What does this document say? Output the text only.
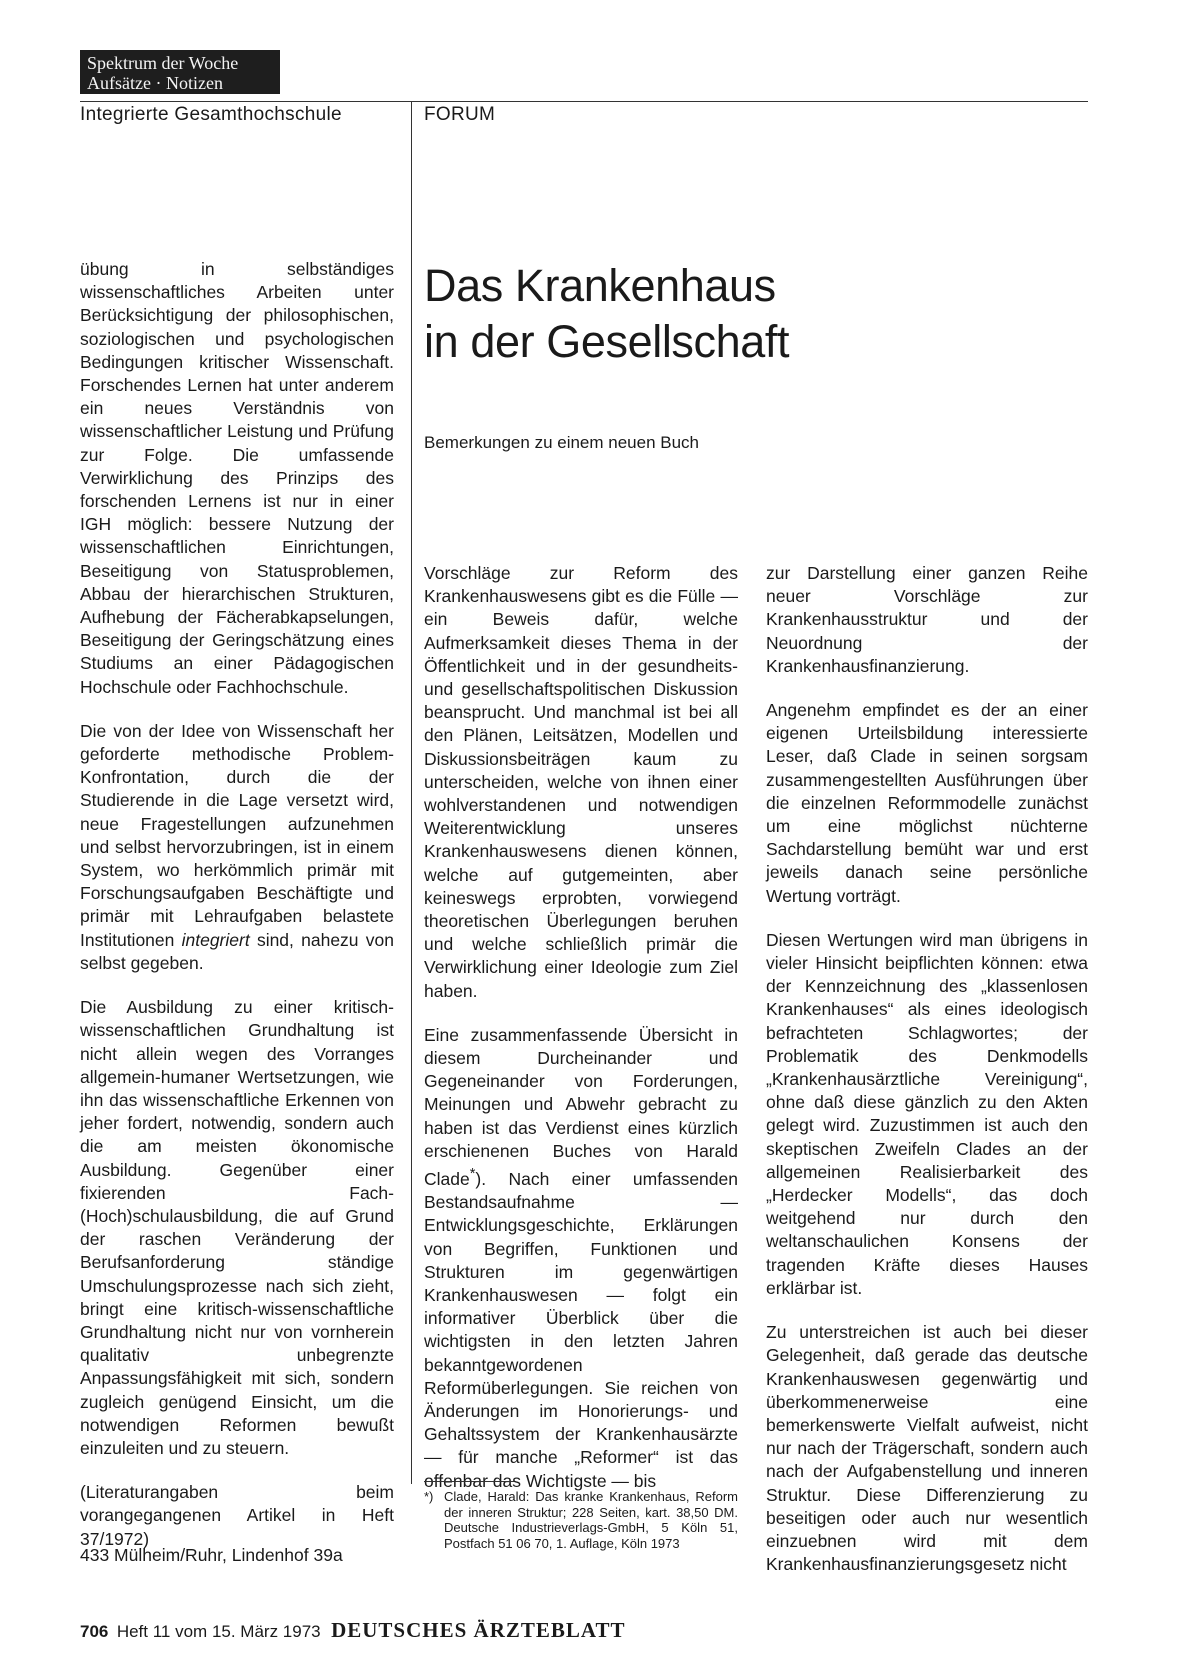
Spektrum der Woche
Aufsätze · Notizen
Integrierte Gesamthochschule	FORUM
Das Krankenhaus
in der Gesellschaft
Bemerkungen zu einem neuen Buch

übung in selbständiges wissenschaftliches Arbeiten unter Berücksichtigung der philosophischen, soziologischen und psychologischen Bedingungen kritischer Wissenschaft. Forschendes Lernen hat unter anderem ein neues Verständnis von wissenschaftlicher Leistung und Prüfung zur Folge. Die umfassende Verwirklichung des Prinzips des forschenden Lernens ist nur in einer IGH möglich: bessere Nutzung der wissenschaftlichen Einrichtungen, Beseitigung von Statusproblemen, Abbau der hierarchischen Strukturen, Aufhebung der Fächerabkapselungen, Beseitigung der Geringschätzung eines Studiums an einer Pädagogischen Hochschule oder Fachhochschule.

Die von der Idee von Wissenschaft her geforderte methodische Problem-Konfrontation, durch die der Studierende in die Lage versetzt wird, neue Fragestellungen aufzunehmen und selbst hervorzubringen, ist in einem System, wo herkömmlich primär mit Forschungsaufgaben Beschäftigte und primär mit Lehraufgaben belastete Institutionen integriert sind, nahezu von selbst gegeben.

Die Ausbildung zu einer kritisch-wissenschaftlichen Grundhaltung ist nicht allein wegen des Vorranges allgemein-humaner Wertsetzungen, wie ihn das wissenschaftliche Erkennen von jeher fordert, notwendig, sondern auch die am meisten ökonomische Ausbildung. Gegenüber einer fixierenden Fach-(Hoch)schulausbildung, die auf Grund der raschen Veränderung der Berufsanforderung ständige Umschulungsprozesse nach sich zieht, bringt eine kritisch-wissenschaftliche Grundhaltung nicht nur von vornherein qualitativ unbegrenzte Anpassungsfähigkeit mit sich, sondern zugleich genügend Einsicht, um die notwendigen Reformen bewußt einzuleiten und zu steuern.

(Literaturangaben beim vorangegangenen Artikel in Heft 37/1972)

433 Mülheim/Ruhr, Lindenhof 39a

Vorschläge zur Reform des Krankenhauswesens gibt es die Fülle — ein Beweis dafür, welche Aufmerksamkeit dieses Thema in der Öffentlichkeit und in der gesundheits- und gesellschaftspolitischen Diskussion beansprucht. Und manchmal ist bei all den Plänen, Leitsätzen, Modellen und Diskussionsbeiträgen kaum zu unterscheiden, welche von ihnen einer wohlverstandenen und notwendigen Weiterentwicklung unseres Krankenhauswesens dienen können, welche auf gutgemeinten, aber keineswegs erprobten, vorwiegend theoretischen Überlegungen beruhen und welche schließlich primär die Verwirklichung einer Ideologie zum Ziel haben.

Eine zusammenfassende Übersicht in diesem Durcheinander und Gegeneinander von Forderungen, Meinungen und Abwehr gebracht zu haben ist das Verdienst eines kürzlich erschienenen Buches von Harald Clade*). Nach einer umfassenden Bestandsaufnahme — Entwicklungsgeschichte, Erklärungen von Begriffen, Funktionen und Strukturen im gegenwärtigen Krankenhauswesen — folgt ein informativer Überblick über die wichtigsten in den letzten Jahren bekanntgewordenen Reformüberlegungen. Sie reichen von Änderungen im Honorierungs- und Gehaltssystem der Krankenhausärzte — für manche „Reformer“ ist das offenbar das Wichtigste — bis

*) Clade, Harald: Das kranke Krankenhaus, Reform der inneren Struktur; 228 Seiten, kart. 38,50 DM. Deutsche Industrieverlags-GmbH, 5 Köln 51, Postfach 51 06 70, 1. Auflage, Köln 1973

zur Darstellung einer ganzen Reihe neuer Vorschläge zur Krankenhausstruktur und der Neuordnung der Krankenhausfinanzierung.

Angenehm empfindet es der an einer eigenen Urteilsbildung interessierte Leser, daß Clade in seinen sorgsam zusammengestellten Ausführungen über die einzelnen Reformmodelle zunächst um eine möglichst nüchterne Sachdarstellung bemüht war und erst jeweils danach seine persönliche Wertung vorträgt.

Diesen Wertungen wird man übrigens in vieler Hinsicht beipflichten können: etwa der Kennzeichnung des „klassenlosen Krankenhauses“ als eines ideologisch befrachteten Schlagwortes; der Problematik des Denkmodells „Krankenhausärztliche Vereinigung“, ohne daß diese gänzlich zu den Akten gelegt wird. Zuzustimmen ist auch den skeptischen Zweifeln Clades an der allgemeinen Realisierbarkeit des „Herdecker Modells“, das doch weitgehend nur durch den weltanschaulichen Konsens der tragenden Kräfte dieses Hauses erklärbar ist.

Zu unterstreichen ist auch bei dieser Gelegenheit, daß gerade das deutsche Krankenhauswesen gegenwärtig und überkommenerweise eine bemerkenswerte Vielfalt aufweist, nicht nur nach der Trägerschaft, sondern auch nach der Aufgabenstellung und inneren Struktur. Diese Differenzierung zu beseitigen oder auch nur wesentlich einzuebnen wird mit dem Krankenhausfinanzierungsgesetz nicht

706 Heft 11 vom 15. März 1973 DEUTSCHES ÄRZTEBLATT
